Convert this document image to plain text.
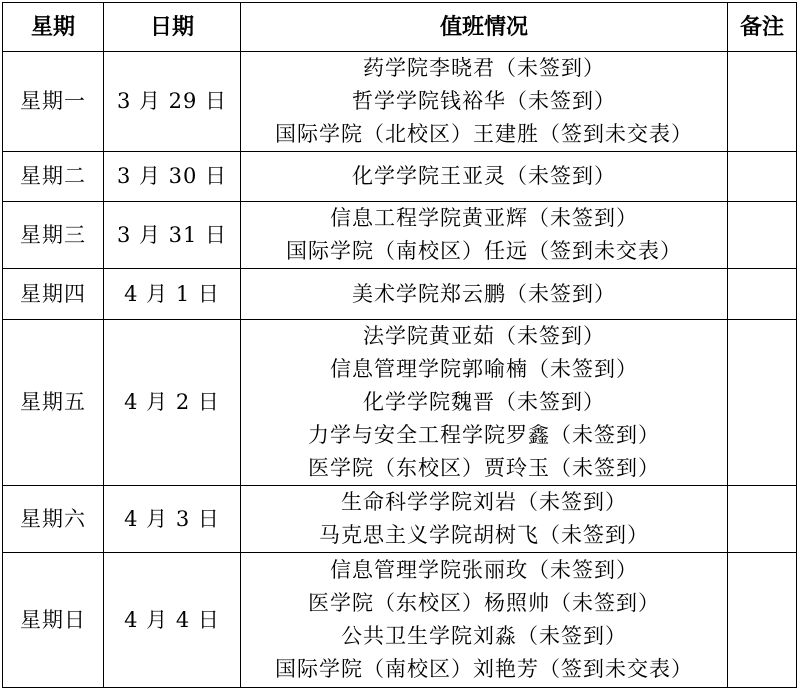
星期	日期	值班情况	备注
星期一	3 月 29 日	药学院李晓君（未签到）
哲学学院钱裕华（未签到）
国际学院（北校区）王建胜（签到未交表）	

星期二	3 月 30 日	化学学院王亚灵（未签到）	

星期三	3 月 31 日	信息工程学院黄亚辉（未签到）
国际学院（南校区）任远（签到未交表）	

星期四	4 月 1 日	美术学院郑云鹏（未签到）	

星期五	4 月 2 日	法学院黄亚茹（未签到）
信息管理学院郭喻楠（未签到）
化学学院魏晋（未签到）
力学与安全工程学院罗鑫（未签到）
医学院（东校区）贾玲玉（未签到）	

星期六	4 月 3 日	生命科学学院刘岩（未签到）
马克思主义学院胡树飞（未签到）	

星期日	4 月 4 日	信息管理学院张丽玫（未签到）
医学院（东校区）杨照帅（未签到）
公共卫生学院刘淼（未签到）
国际学院（南校区）刘艳芳（签到未交表）	
